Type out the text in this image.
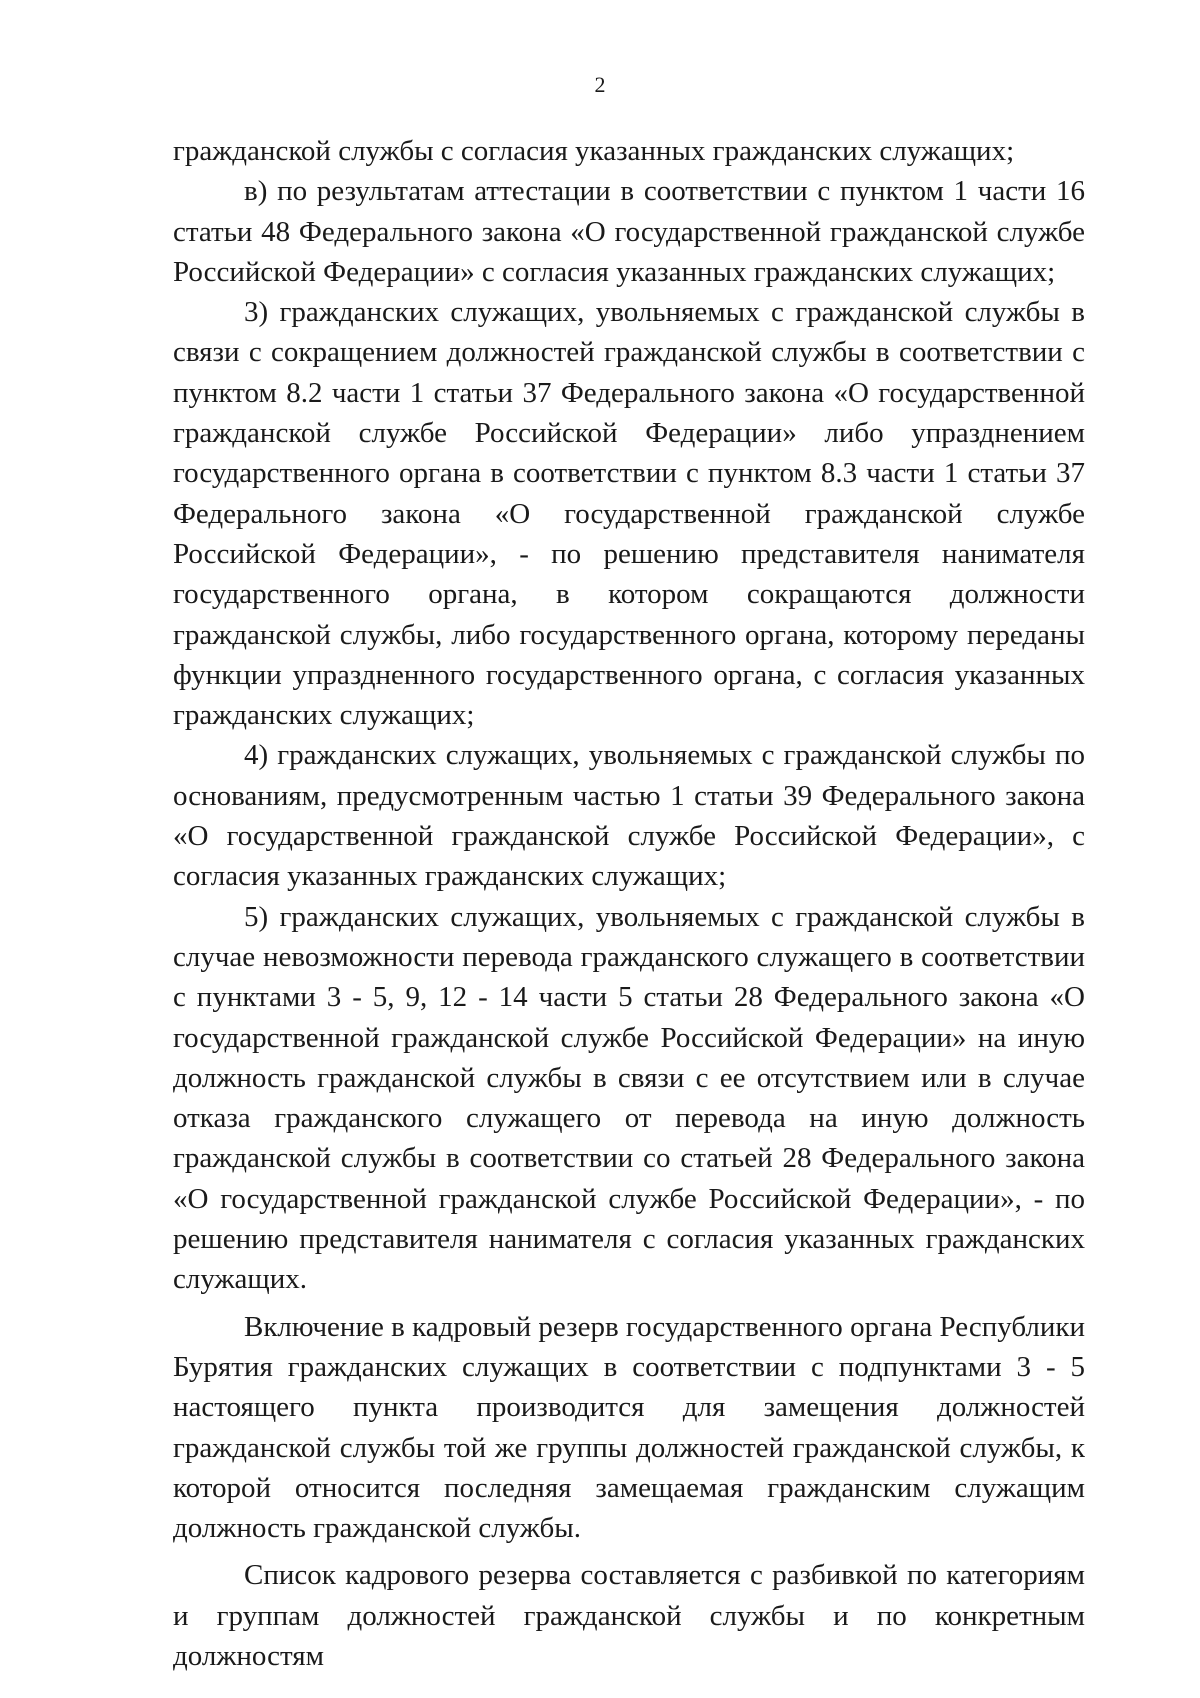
2

гражданской службы с согласия указанных гражданских служащих;

в) по результатам аттестации в соответствии с пунктом 1 части 16 статьи 48 Федерального закона «О государственной гражданской службе Российской Федерации» с согласия указанных гражданских служащих;

3) гражданских служащих, увольняемых с гражданской службы в связи с сокращением должностей гражданской службы в соответствии с пунктом 8.2 части 1 статьи 37 Федерального закона «О государственной гражданской службе Российской Федерации» либо упразднением государственного органа в соответствии с пунктом 8.3 части 1 статьи 37 Федерального закона «О государственной гражданской службе Российской Федерации», - по решению представителя нанимателя государственного органа, в котором сокращаются должности гражданской службы, либо государственного органа, которому переданы функции упраздненного государственного органа, с согласия указанных гражданских служащих;

4) гражданских служащих, увольняемых с гражданской службы по основаниям, предусмотренным частью 1 статьи 39 Федерального закона «О государственной гражданской службе Российской Федерации», с согласия указанных гражданских служащих;

5) гражданских служащих, увольняемых с гражданской службы в случае невозможности перевода гражданского служащего в соответствии с пунктами 3 - 5, 9, 12 - 14 части 5 статьи 28 Федерального закона «О государственной гражданской службе Российской Федерации» на иную должность гражданской службы в связи с ее отсутствием или в случае отказа гражданского служащего от перевода на иную должность гражданской службы в соответствии со статьей 28 Федерального закона «О государственной гражданской службе Российской Федерации», - по решению представителя нанимателя с согласия указанных гражданских служащих.

Включение в кадровый резерв государственного органа Республики Бурятия гражданских служащих в соответствии с подпунктами 3 - 5 настоящего пункта производится для замещения должностей гражданской службы той же группы должностей гражданской службы, к которой относится последняя замещаемая гражданским служащим должность гражданской службы.

Список кадрового резерва составляется с разбивкой по категориям и группам должностей гражданской службы и по конкретным должностям
